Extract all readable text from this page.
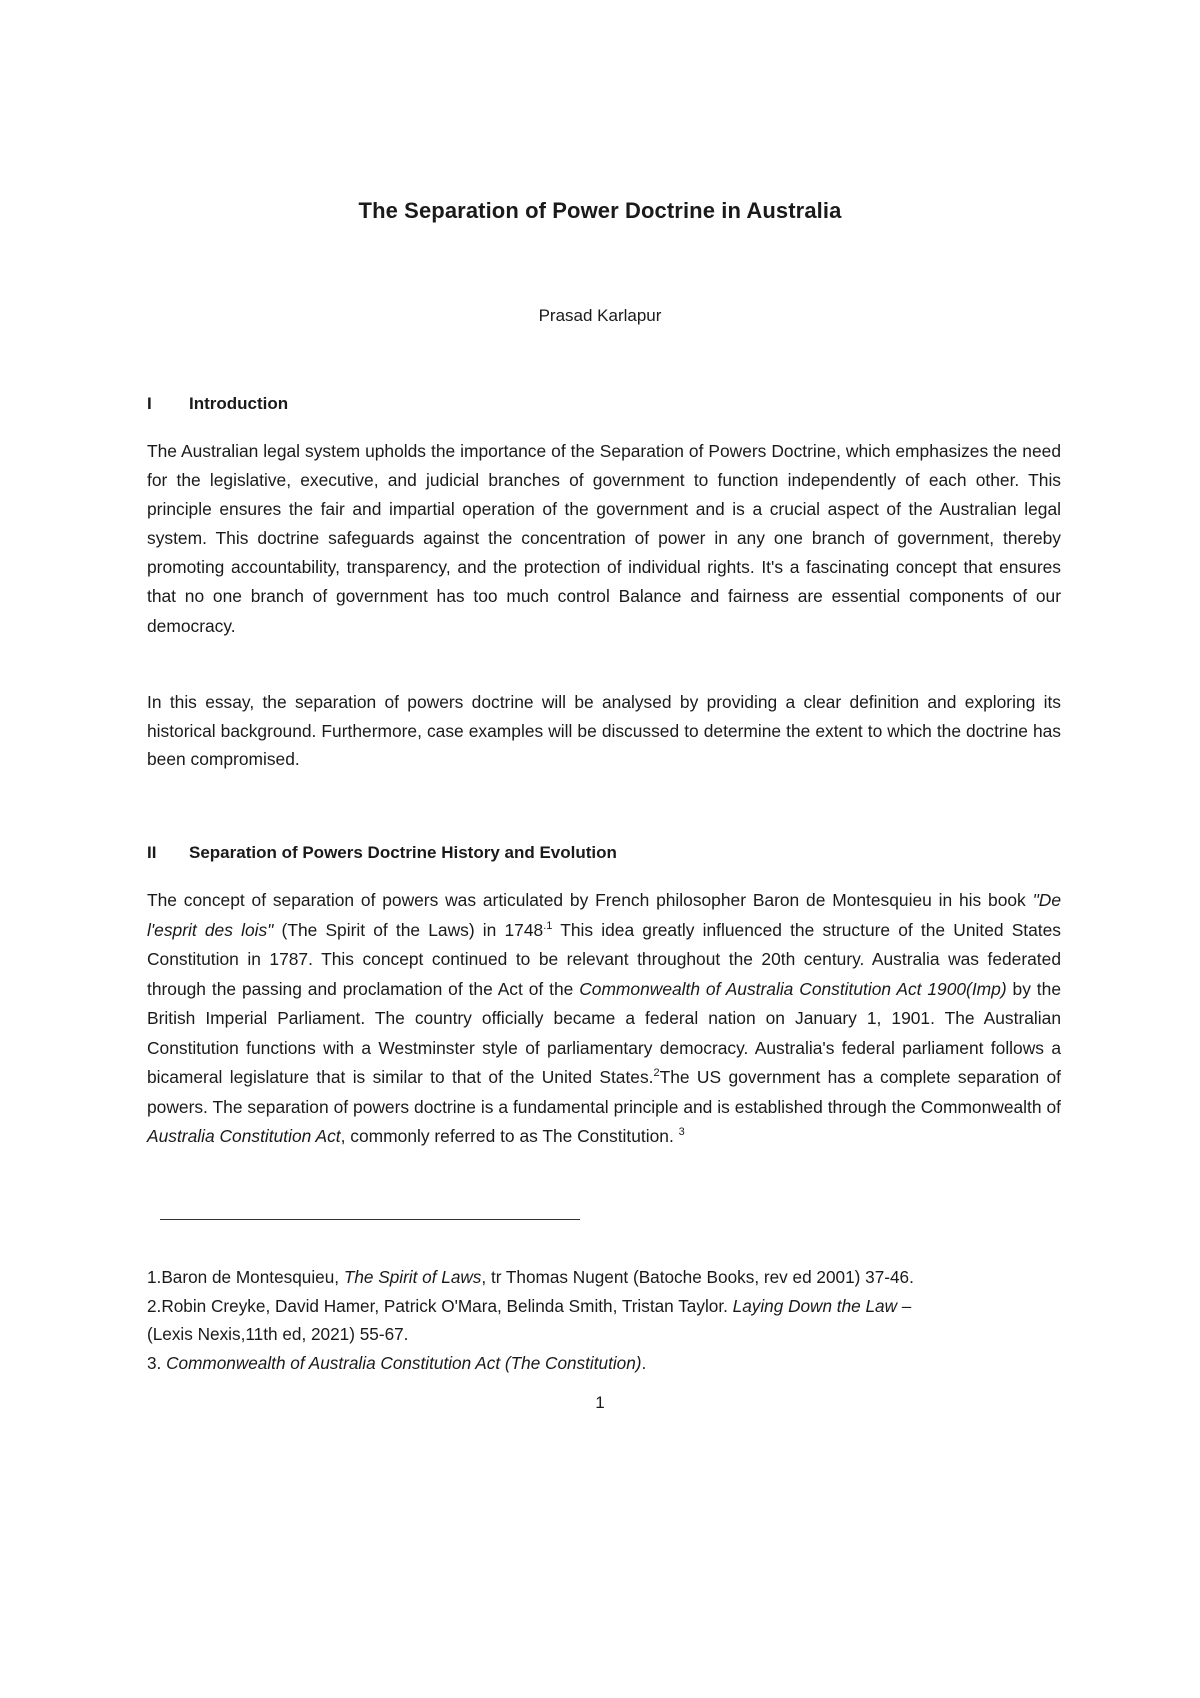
The Separation of Power Doctrine in Australia
Prasad Karlapur
I Introduction

The Australian legal system upholds the importance of the Separation of Powers Doctrine, which emphasizes the need for the legislative, executive, and judicial branches of government to function independently of each other. This principle ensures the fair and impartial operation of the government and is a crucial aspect of the Australian legal system. This doctrine safeguards against the concentration of power in any one branch of government, thereby promoting accountability, transparency, and the protection of individual rights. It's a fascinating concept that ensures that no one branch of government has too much control Balance and fairness are essential components of our democracy.

In this essay, the separation of powers doctrine will be analysed by providing a clear definition and exploring its historical background. Furthermore, case examples will be discussed to determine the extent to which the doctrine has been compromised.

II Separation of Powers Doctrine History and Evolution

The concept of separation of powers was articulated by French philosopher Baron de Montesquieu in his book "De l'esprit des lois" (The Spirit of the Laws) in $1748^{.1}$ This idea greatly influenced the structure of the United States Constitution in 1787. This concept continued to be relevant throughout the 20th century. Australia was federated through the passing and proclamation of the Act of the Commonwealth of Australia Constitution Act 1900(Imp) by the British Imperial Parliament. The country officially became a federal nation on January 1, 1901. The Australian Constitution functions with a Westminster style of parliamentary democracy. Australia's federal parliament follows a bicameral legislature that is similar to that of the United States.$^2$The US government has a complete separation of powers. The separation of powers doctrine is a fundamental principle and is established through the Commonwealth of Australia Constitution Act, commonly referred to as The Constitution. $^3$

1.Baron de Montesquieu, The Spirit of Laws, tr Thomas Nugent (Batoche Books, rev ed 2001) 37-46.
2.Robin Creyke, David Hamer, Patrick O'Mara, Belinda Smith, Tristan Taylor. Laying Down the Law –
(Lexis Nexis,11th ed, 2021) 55-67.
3. Commonwealth of Australia Constitution Act (The Constitution).
1
